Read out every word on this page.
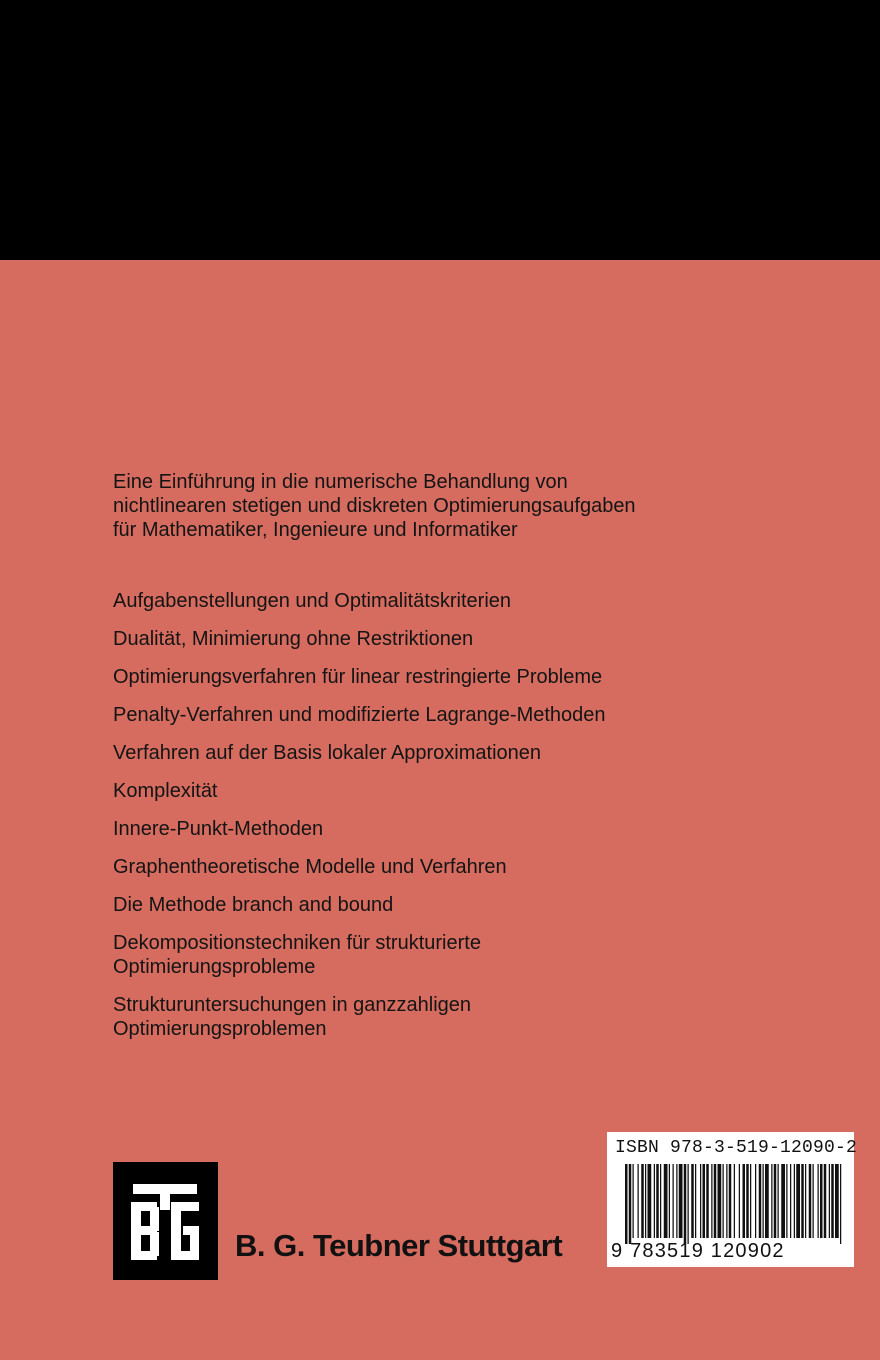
Eine Einführung in die numerische Behandlung von
nichtlinearen stetigen und diskreten Optimierungsaufgaben
für Mathematiker, Ingenieure und Informatiker
Aufgabenstellungen und Optimalitätskriterien
Dualität, Minimierung ohne Restriktionen
Optimierungsverfahren für linear restringierte Probleme
Penalty-Verfahren und modifizierte Lagrange-Methoden
Verfahren auf der Basis lokaler Approximationen
Komplexität
Innere-Punkt-Methoden
Graphentheoretische Modelle und Verfahren
Die Methode branch and bound
Dekompositionstechniken für strukturierte
Optimierungsprobleme
Strukturuntersuchungen in ganzzahligen
Optimierungsproblemen
B. G. Teubner Stuttgart
ISBN 978-3-519-12090-2
9 783519 120902
